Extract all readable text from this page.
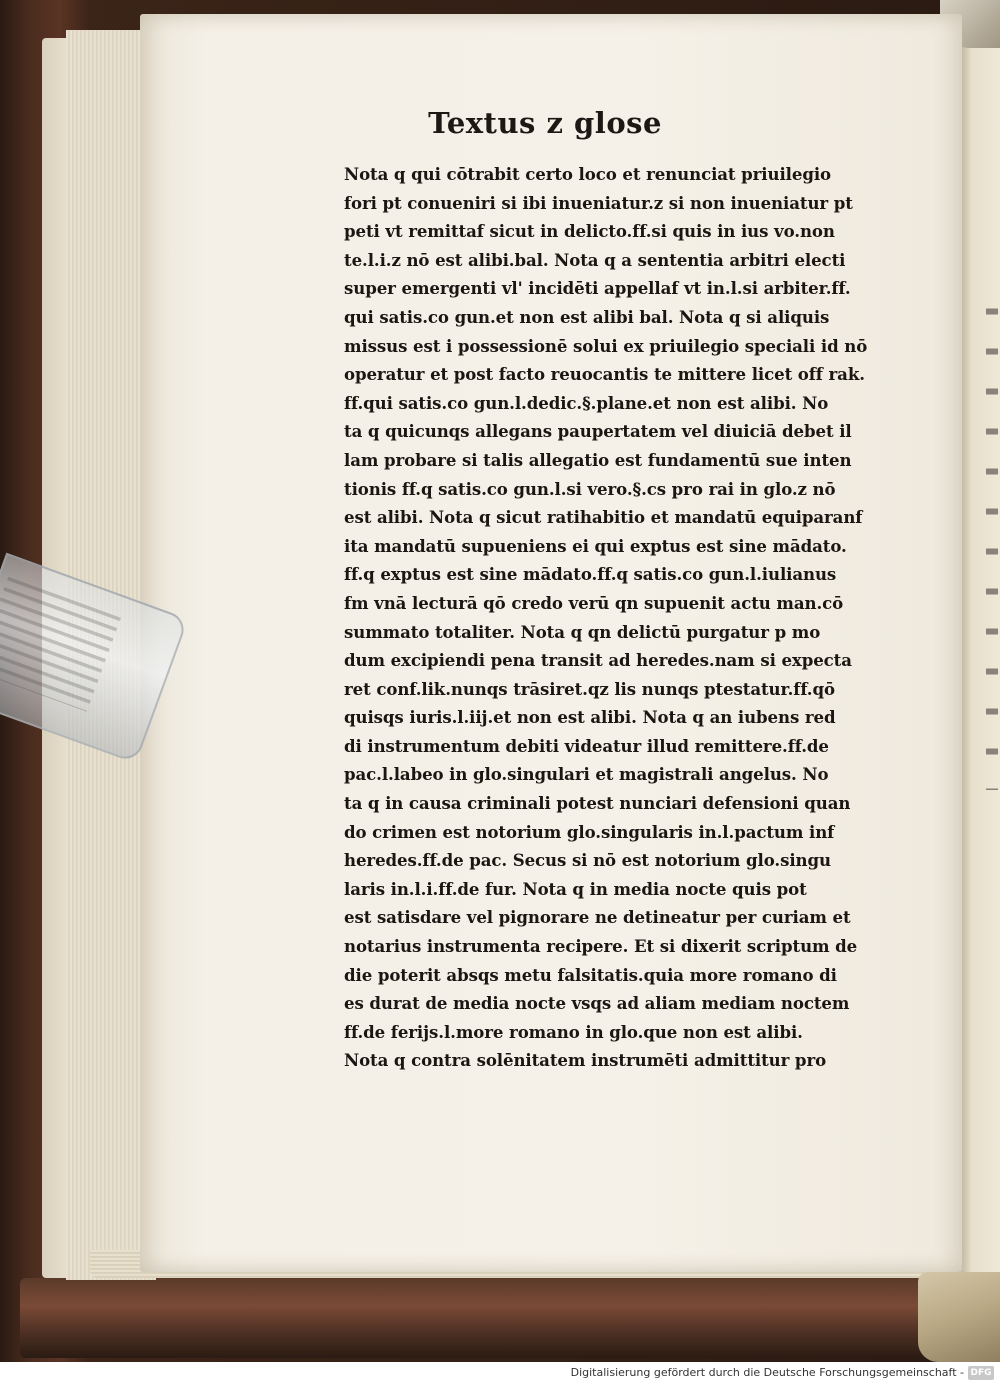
Textus z glose
Nota q qui cōtrabit certo loco et renunciat priuilegio
fori pt conueniri si ibi inueniatur.z si non inueniatur pt
peti vt remittaf sicut in delicto.ff.si quis in ius vo.non
te.l.i.z nō est alibi.bal. Nota q a sententia arbitri electi
super emergenti vl' incidēti appellaf vt in.l.si arbiter.ff.
qui satis.co gun.et non est alibi bal. Nota q si aliquis
missus est i possessionē solui ex priuilegio speciali id nō
operatur et post facto reuocantis te mittere licet off rak.
ff.qui satis.co gun.l.dedic.§.plane.et non est alibi. No
ta q quicunqs allegans paupertatem vel diuiciā debet il
lam probare si talis allegatio est fundamentū sue inten
tionis ff.q satis.co gun.l.si vero.§.cs pro rai in glo.z nō
est alibi. Nota q sicut ratihabitio et mandatū equiparanf
ita mandatū supueniens ei qui exptus est sine mādato.
ff.q exptus est sine mādato.ff.q satis.co gun.l.iulianus
fm vnā lecturā qō credo verū qn supuenit actu man.cō
summato totaliter. Nota q qn delictū purgatur p mo
dum excipiendi pena transit ad heredes.nam si expecta
ret conf.lik.nunqs trāsiret.qz lis nunqs ptestatur.ff.qō
quisqs iuris.l.iij.et non est alibi. Nota q an iubens red
di instrumentum debiti videatur illud remittere.ff.de
pac.l.labeo in glo.singulari et magistrali angelus. No
ta q in causa criminali potest nunciari defensioni quan
do crimen est notorium glo.singularis in.l.pactum inf
heredes.ff.de pac. Secus si nō est notorium glo.singu
laris in.l.i.ff.de fur. Nota q in media nocte quis pot
est satisdare vel pignorare ne detineatur per curiam et
notarius instrumenta recipere. Et si dixerit scriptum de
die poterit absqs metu falsitatis.quia more romano di
es durat de media nocte vsqs ad aliam mediam noctem
ff.de ferijs.l.more romano in glo.que non est alibi.
Nota q contra solēnitatem instrumēti admittitur pro
Digitalisierung gefördert durch die Deutsche Forschungsgemeinschaft - DFG
